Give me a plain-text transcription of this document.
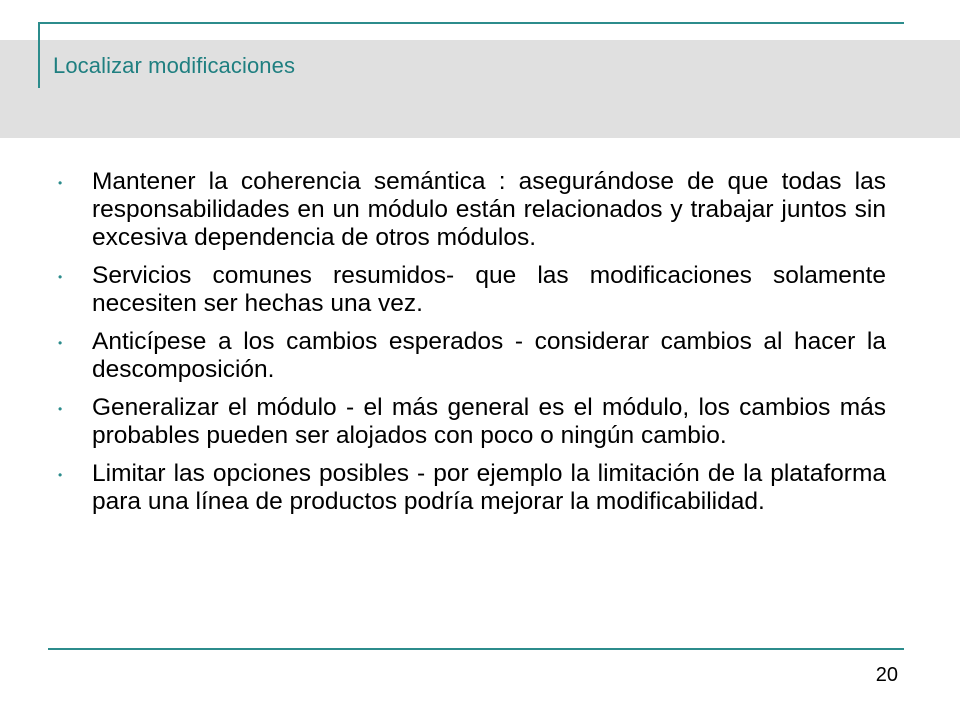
Localizar modificaciones
• Mantener la coherencia semántica : asegurándose de que todas las responsabilidades en un módulo están relacionados y trabajar juntos sin excesiva dependencia de otros módulos.
• Servicios comunes resumidos- que las modificaciones solamente necesiten ser hechas una vez.
• Anticípese a los cambios esperados - considerar cambios al hacer la descomposición.
• Generalizar el módulo - el más general es el módulo, los cambios más probables pueden ser alojados con poco o ningún cambio.
• Limitar las opciones posibles - por ejemplo la limitación de la plataforma para una línea de productos podría mejorar la modificabilidad.
20
